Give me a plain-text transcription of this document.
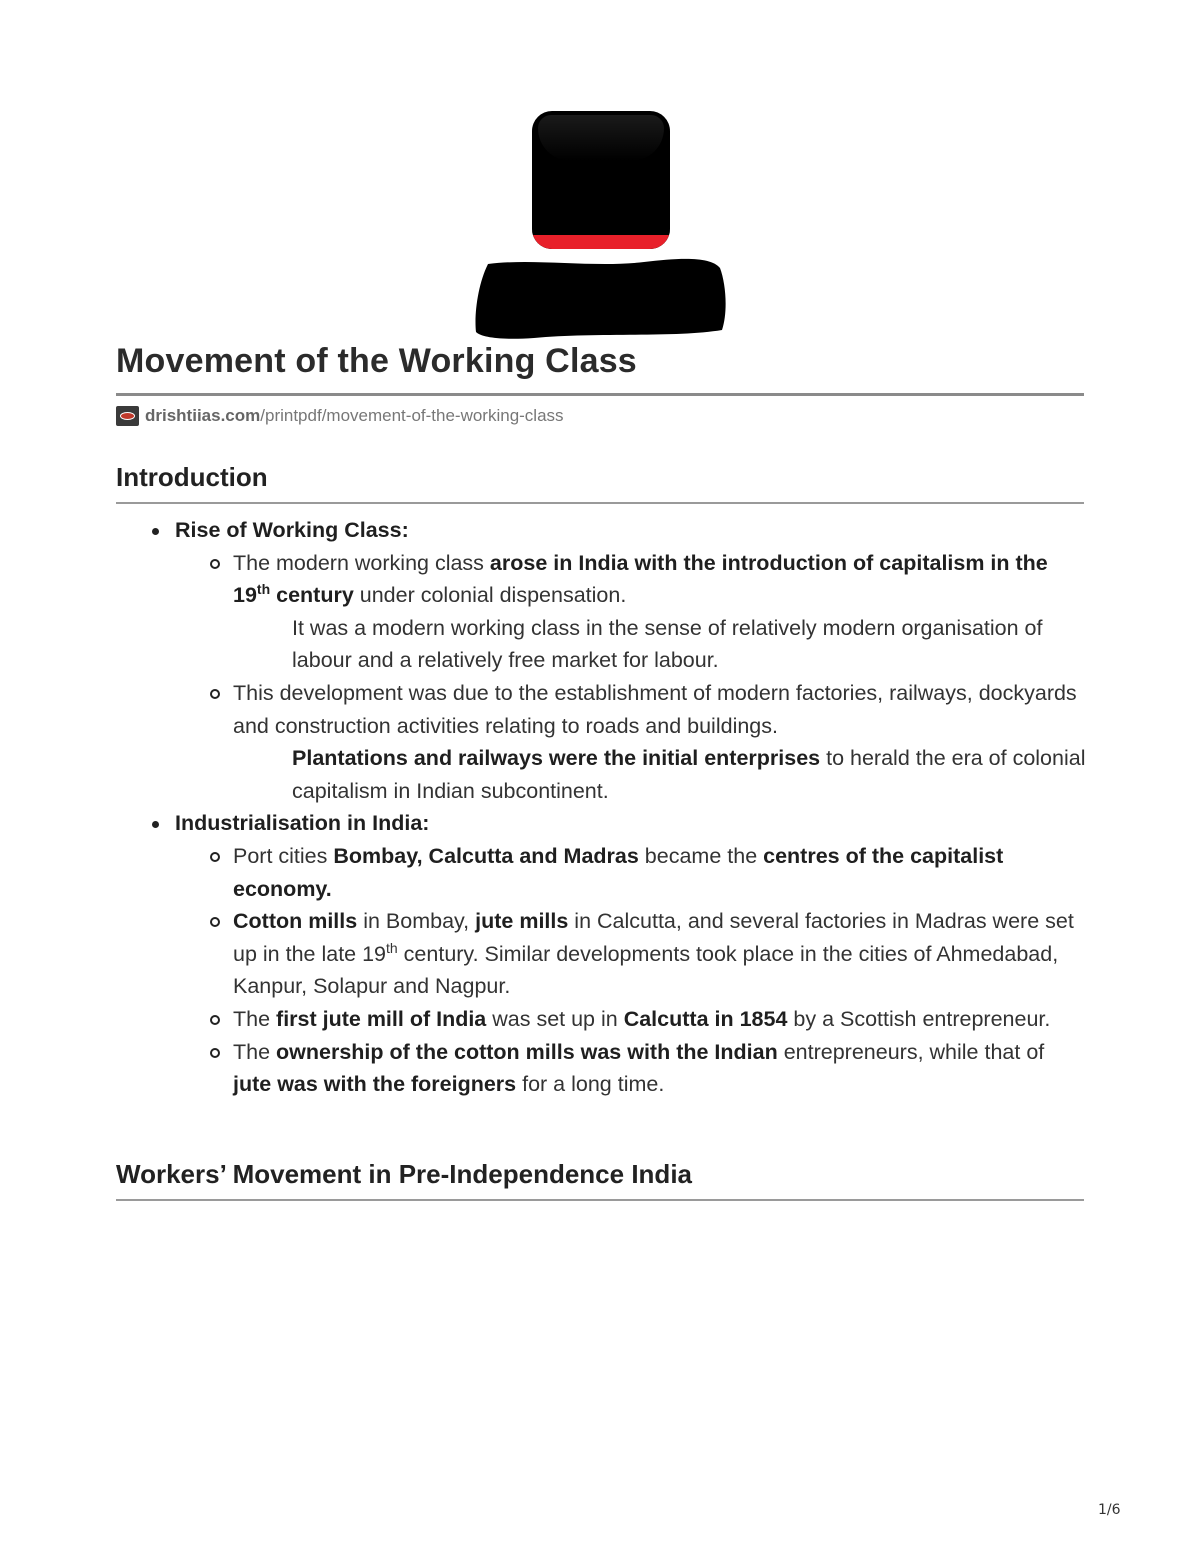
Movement of the Working Class
drishtiias.com /printpdf/movement-of-the-working-class
Introduction
Rise of Working Class:
The modern working class arose in India with the introduction of capitalism in the 19th century under colonial dispensation.
It was a modern working class in the sense of relatively modern organisation of labour and a relatively free market for labour.
This development was due to the establishment of modern factories, railways, dockyards and construction activities relating to roads and buildings.
Plantations and railways were the initial enterprises to herald the era of colonial capitalism in Indian subcontinent.
Industrialisation in India:
Port cities Bombay, Calcutta and Madras became the centres of the capitalist economy.
Cotton mills in Bombay, jute mills in Calcutta, and several factories in Madras were set up in the late 19th century. Similar developments took place in the cities of Ahmedabad, Kanpur, Solapur and Nagpur.
The first jute mill of India was set up in Calcutta in 1854 by a Scottish entrepreneur.
The ownership of the cotton mills was with the Indian entrepreneurs, while that of jute was with the foreigners for a long time.
Workers’ Movement in Pre-Independence India
1/6
